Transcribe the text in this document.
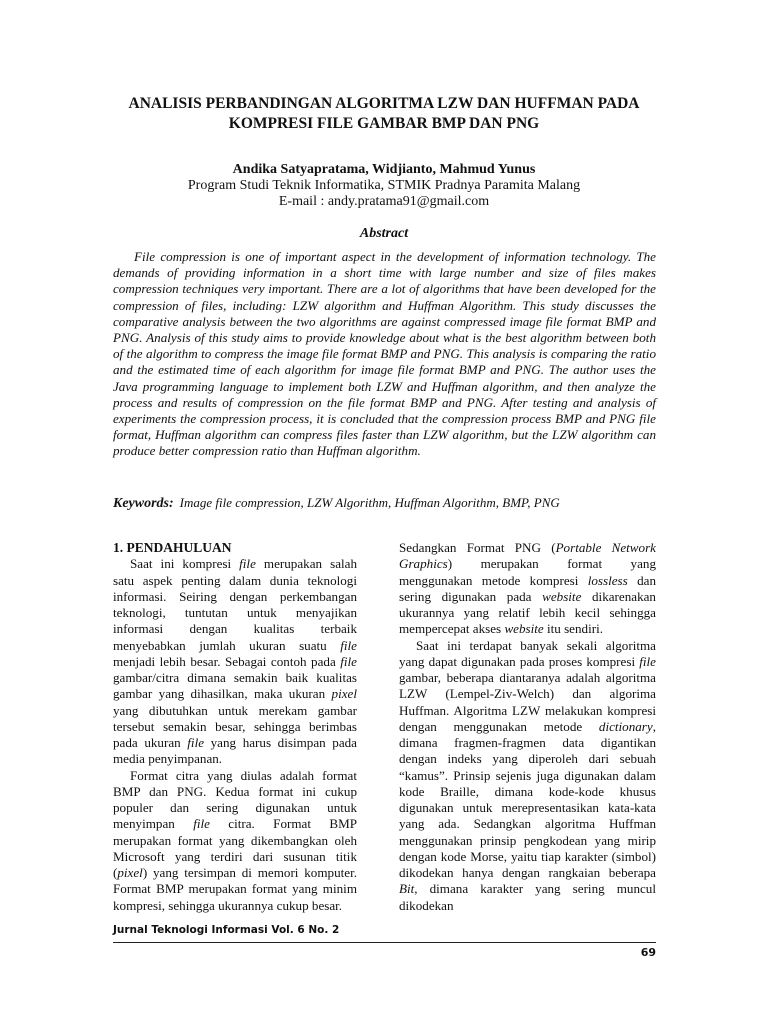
ANALISIS PERBANDINGAN ALGORITMA LZW DAN HUFFMAN PADA
KOMPRESI FILE GAMBAR BMP DAN PNG
Andika Satyapratama, Widjianto, Mahmud Yunus
Program Studi Teknik Informatika, STMIK Pradnya Paramita Malang
E-mail : andy.pratama91@gmail.com
Abstract

File compression is one of important aspect in the development of information technology. The demands of providing information in a short time with large number and size of files makes compression techniques very important. There are a lot of algorithms that have been developed for the compression of files, including: LZW algorithm and Huffman Algorithm. This study discusses the comparative analysis between the two algorithms are against compressed image file format BMP and PNG. Analysis of this study aims to provide knowledge about what is the best algorithm between both of the algorithm to compress the image file format BMP and PNG. This analysis is comparing the ratio and the estimated time of each algorithm for image file format BMP and PNG. The author uses the Java programming language to implement both LZW and Huffman algorithm, and then analyze the process and results of compression on the file format BMP and PNG. After testing and analysis of experiments the compression process, it is concluded that the compression process BMP and PNG file format, Huffman algorithm can compress files faster than LZW algorithm, but the LZW algorithm can produce better compression ratio than Huffman algorithm.

Keywords: Image file compression, LZW Algorithm, Huffman Algorithm, BMP, PNG

1. PENDAHULUAN

Saat ini kompresi file merupakan salah satu aspek penting dalam dunia teknologi informasi. Seiring dengan perkembangan teknologi, tuntutan untuk menyajikan informasi dengan kualitas terbaik menyebabkan jumlah ukuran suatu file menjadi lebih besar. Sebagai contoh pada file gambar/citra dimana semakin baik kualitas gambar yang dihasilkan, maka ukuran pixel yang dibutuhkan untuk merekam gambar tersebut semakin besar, sehingga berimbas pada ukuran file yang harus disimpan pada media penyimpanan.

Format citra yang diulas adalah format BMP dan PNG. Kedua format ini cukup populer dan sering digunakan untuk menyimpan file citra. Format BMP merupakan format yang dikembangkan oleh Microsoft yang terdiri dari susunan titik (pixel) yang tersimpan di memori komputer. Format BMP merupakan format yang minim kompresi, sehingga ukurannya cukup besar.

Sedangkan Format PNG (Portable Network Graphics) merupakan format yang menggunakan metode kompresi lossless dan sering digunakan pada website dikarenakan ukurannya yang relatif lebih kecil sehingga mempercepat akses website itu sendiri.

Saat ini terdapat banyak sekali algoritma yang dapat digunakan pada proses kompresi file gambar, beberapa diantaranya adalah algoritma LZW (Lempel-Ziv-Welch) dan algorima Huffman. Algoritma LZW melakukan kompresi dengan menggunakan metode dictionary, dimana fragmen-fragmen data digantikan dengan indeks yang diperoleh dari sebuah “kamus”. Prinsip sejenis juga digunakan dalam kode Braille, dimana kode-kode khusus digunakan untuk merepresentasikan kata-kata yang ada. Sedangkan algoritma Huffman menggunakan prinsip pengkodean yang mirip dengan kode Morse, yaitu tiap karakter (simbol) dikodekan hanya dengan rangkaian beberapa Bit, dimana karakter yang sering muncul dikodekan

Jurnal Teknologi Informasi Vol. 6 No. 2
69
